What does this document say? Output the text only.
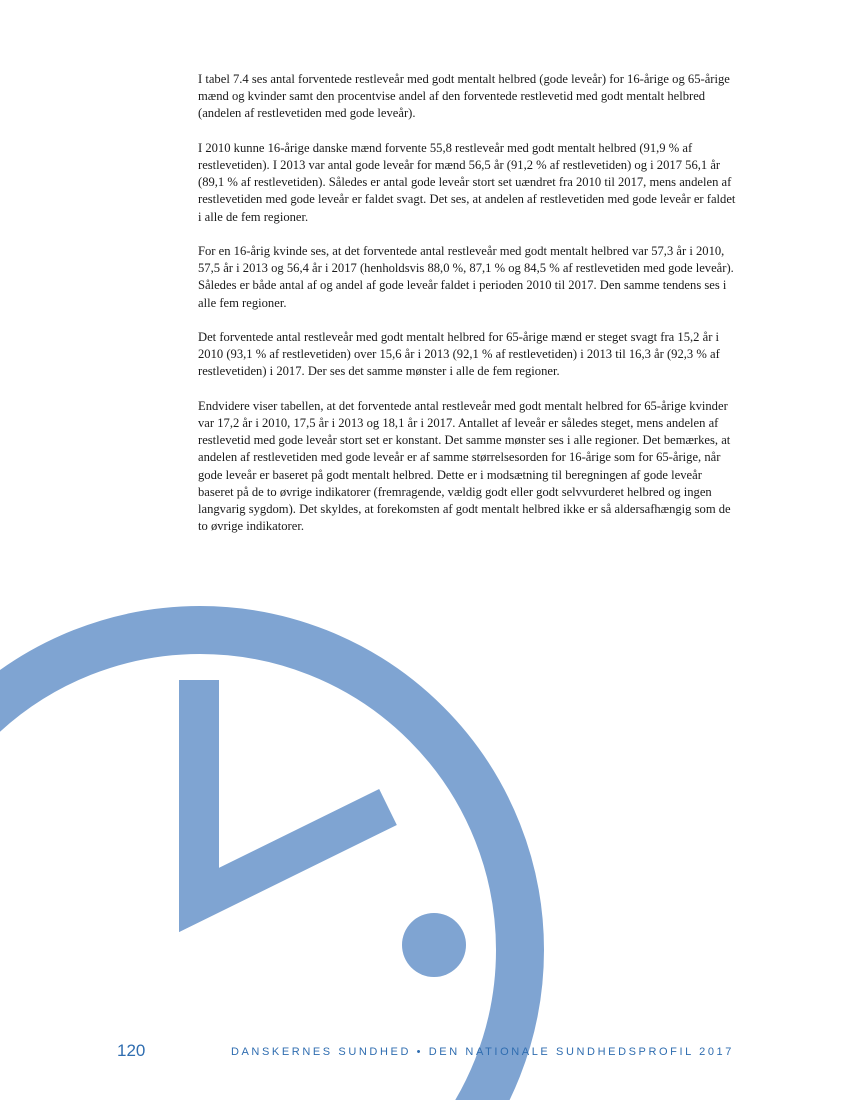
I tabel 7.4 ses antal forventede restleveår med godt mentalt helbred (gode leveår) for 16-årige og 65-årige mænd og kvinder samt den procentvise andel af den forventede restlevetid med godt mentalt helbred (andelen af restlevetiden med gode leveår).

I 2010 kunne 16-årige danske mænd forvente 55,8 restleveår med godt mentalt helbred (91,9 % af restlevetiden). I 2013 var antal gode leveår for mænd 56,5 år (91,2 % af restlevetiden) og i 2017 56,1 år (89,1 % af restlevetiden). Således er antal gode leveår stort set uændret fra 2010 til 2017, mens andelen af restlevetiden med gode leveår er faldet svagt. Det ses, at andelen af restlevetiden med gode leveår er faldet i alle de fem regioner.

For en 16-årig kvinde ses, at det forventede antal restleveår med godt mentalt helbred var 57,3 år i 2010, 57,5 år i 2013 og 56,4 år i 2017 (henholdsvis 88,0 %, 87,1 % og 84,5 % af restlevetiden med gode leveår). Således er både antal af og andel af gode leveår faldet i perioden 2010 til 2017. Den samme tendens ses i alle fem regioner.

Det forventede antal restleveår med godt mentalt helbred for 65-årige mænd er steget svagt fra 15,2 år i 2010 (93,1 % af restlevetiden) over 15,6 år i 2013 (92,1 % af restlevetiden) i 2013 til 16,3 år (92,3 % af restlevetiden) i 2017. Der ses det samme mønster i alle de fem regioner.

Endvidere viser tabellen, at det forventede antal restleveår med godt mentalt helbred for 65-årige kvinder var 17,2 år i 2010, 17,5 år i 2013 og 18,1 år i 2017. Antallet af leveår er således steget, mens andelen af restlevetid med gode leveår stort set er konstant. Det samme mønster ses i alle regioner. Det bemærkes, at andelen af restlevetiden med gode leveår er af samme størrelsesorden for 16-årige som for 65-årige, når gode leveår er baseret på godt mentalt helbred. Dette er i modsætning til beregningen af gode leveår baseret på de to øvrige indikatorer (fremragende, vældig godt eller godt selvvurderet helbred og ingen langvarig sygdom). Det skyldes, at forekomsten af godt mentalt helbred ikke er så aldersafhængig som de to øvrige indikatorer.

120	DANSKERNES SUNDHED • DEN NATIONALE SUNDHEDSPROFIL 2017
